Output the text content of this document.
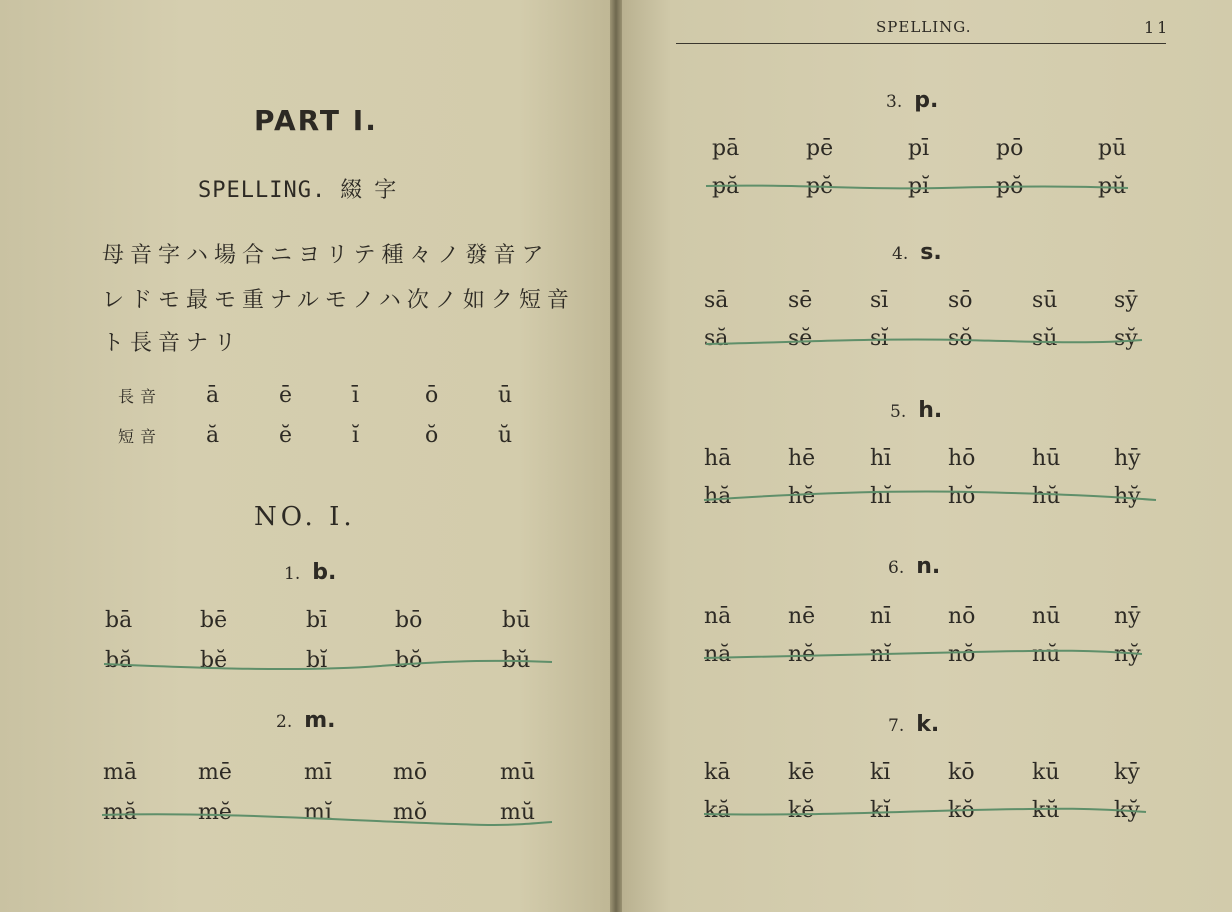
PART I.
SPELLING. 綴字
母音字ハ場合ニヨリテ種々ノ發音ア
レドモ最モ重ナルモノハ次ノ如ク短音
ト長音ナリ
長音 ā	ē	ī	ō	ū
短音 ă	ĕ	ĭ	ŏ	ŭ
NO. I.
1. b.
bā	bē	bī	bō	bū
bă	bĕ	bĭ	bŏ	bŭ
2. m.
mā	mē	mī	mō	mū
mă	mĕ	mĭ	mŏ	mŭ
SPELLING.	11
3. p.
pā	pē	pī	pō	pū
pă	pĕ	pĭ	pŏ	pŭ
4. s.
sā	sē	sī	sō	sū	sȳ
să	sĕ	sĭ	sŏ	sŭ	sy̆
5. h.
hā	hē hī	hō	hū hȳ
hă	hĕ hĭ	hŏ	hŭ hy̆
6. n.
nā	nē nī	nō	nū nȳ
nă	nĕ nĭ	nŏ	nŭ ny̆
7. k.
kā	kē	kī	kō	kū kȳ
kă	kĕ	kĭ	kŏ	kŭ ky̆
